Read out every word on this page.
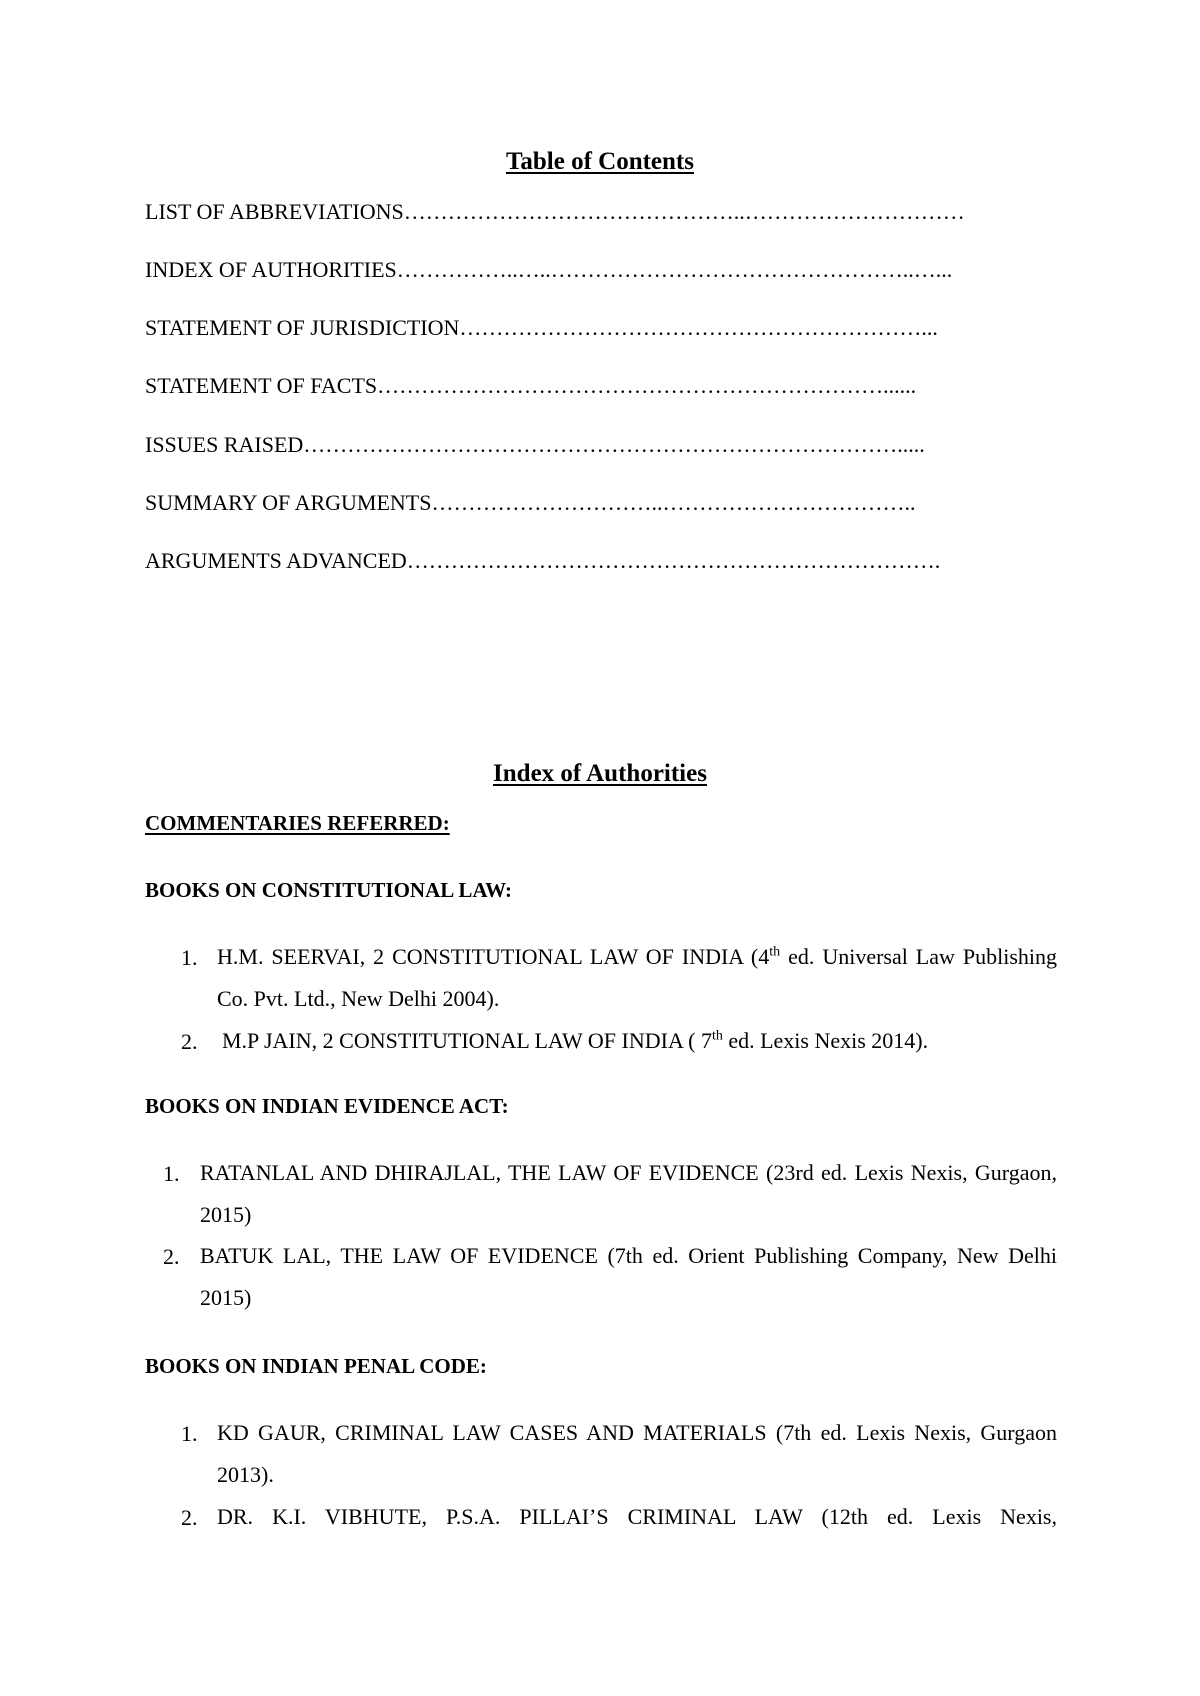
Table of Contents
LIST OF ABBREVIATIONS………………………………………..…………………………
INDEX OF AUTHORITIES……………..…..…………………………………………..…...
STATEMENT OF JURISDICTION………………………………………………………...
STATEMENT OF FACTS……………………………………………………………......
ISSUES RAISED……………………………………………………………………….....
SUMMARY OF ARGUMENTS…………………………..……………………………..
ARGUMENTS ADVANCED……………………………………………………………….
Index of Authorities
COMMENTARIES REFERRED:
BOOKS ON CONSTITUTIONAL LAW:
1. H.M. SEERVAI, 2 CONSTITUTIONAL LAW OF INDIA (4th ed. Universal Law Publishing Co. Pvt. Ltd., New Delhi 2004).
2. M.P JAIN, 2 CONSTITUTIONAL LAW OF INDIA ( 7th ed. Lexis Nexis 2014).
BOOKS ON INDIAN EVIDENCE ACT:
1. RATANLAL AND DHIRAJLAL, THE LAW OF EVIDENCE (23rd ed. Lexis Nexis, Gurgaon, 2015)
2. BATUK LAL, THE LAW OF EVIDENCE (7th ed. Orient Publishing Company, New Delhi 2015)
BOOKS ON INDIAN PENAL CODE:
1. KD GAUR, CRIMINAL LAW CASES AND MATERIALS (7th ed. Lexis Nexis, Gurgaon 2013).
2. DR. K.I. VIBHUTE, P.S.A. PILLAI’S CRIMINAL LAW (12th ed. Lexis Nexis,
